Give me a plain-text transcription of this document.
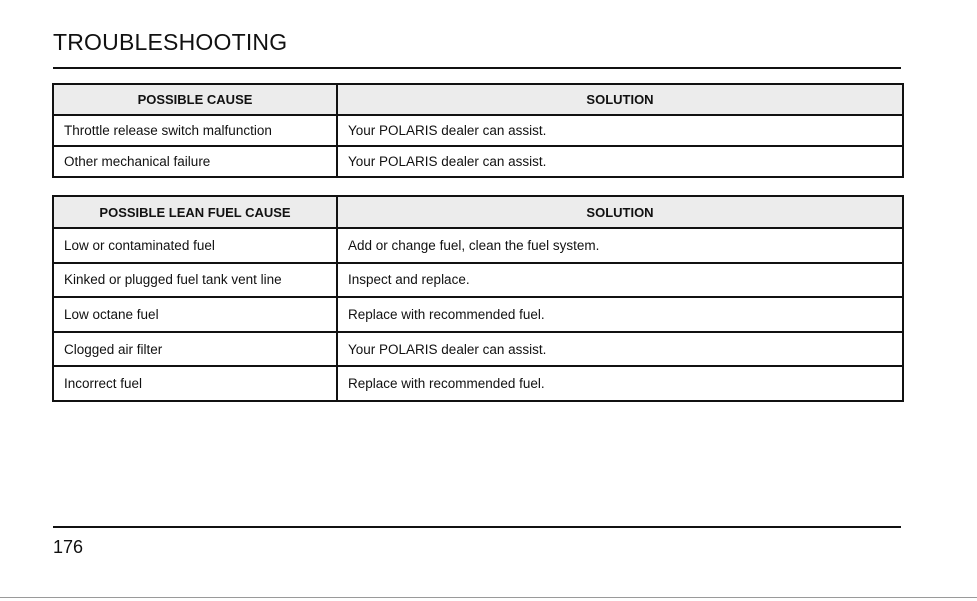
TROUBLESHOOTING
POSSIBLE CAUSE	SOLUTION
Throttle release switch malfunction	Your POLARIS dealer can assist.
Other mechanical failure	Your POLARIS dealer can assist.
POSSIBLE LEAN FUEL CAUSE	SOLUTION
Low or contaminated fuel	Add or change fuel, clean the fuel system.
Kinked or plugged fuel tank vent line	Inspect and replace.
Low octane fuel	Replace with recommended fuel.
Clogged air filter	Your POLARIS dealer can assist.
Incorrect fuel	Replace with recommended fuel.
176
